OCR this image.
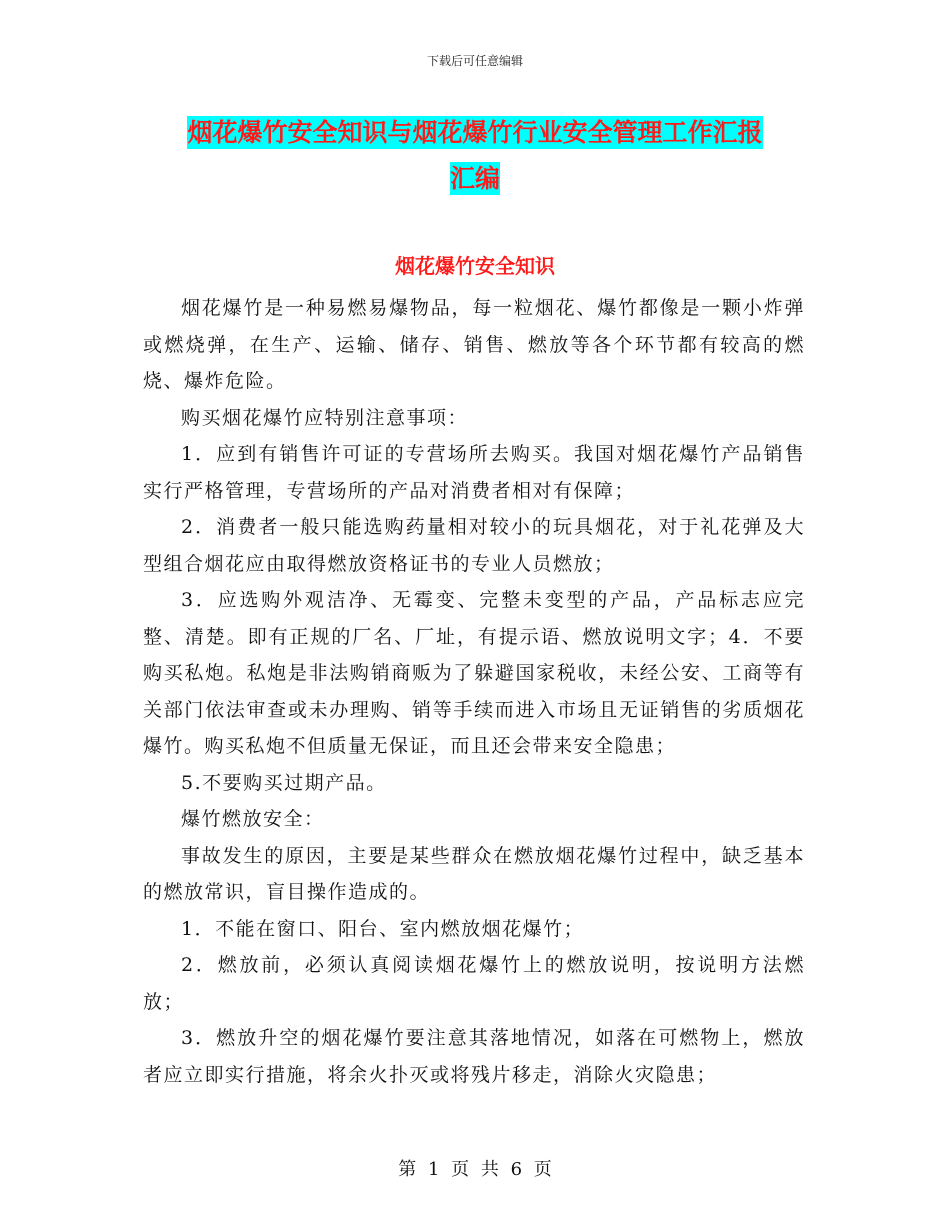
下载后可任意编辑
烟花爆竹安全知识与烟花爆竹行业安全管理工作汇报
汇编
烟花爆竹安全知识

烟花爆竹是一种易燃易爆物品，每一粒烟花、爆竹都像是一颗小炸弹或燃烧弹，在生产、运输、储存、销售、燃放等各个环节都有较高的燃烧、爆炸危险。

购买烟花爆竹应特别注意事项：

1．应到有销售许可证的专营场所去购买。我国对烟花爆竹产品销售实行严格管理，专营场所的产品对消费者相对有保障；

2．消费者一般只能选购药量相对较小的玩具烟花，对于礼花弹及大型组合烟花应由取得燃放资格证书的专业人员燃放；

3．应选购外观洁净、无霉变、完整未变型的产品，产品标志应完整、清楚。即有正规的厂名、厂址，有提示语、燃放说明文字；4．不要购买私炮。私炮是非法购销商贩为了躲避国家税收，未经公安、工商等有关部门依法审查或未办理购、销等手续而进入市场且无证销售的劣质烟花爆竹。购买私炮不但质量无保证，而且还会带来安全隐患；

5.不要购买过期产品。

爆竹燃放安全：

事故发生的原因，主要是某些群众在燃放烟花爆竹过程中，缺乏基本的燃放常识，盲目操作造成的。

1．不能在窗口、阳台、室内燃放烟花爆竹；

2．燃放前，必须认真阅读烟花爆竹上的燃放说明，按说明方法燃放；

3．燃放升空的烟花爆竹要注意其落地情况，如落在可燃物上，燃放者应立即实行措施，将余火扑灭或将残片移走，消除火灾隐患；

第 1 页 共 6 页
